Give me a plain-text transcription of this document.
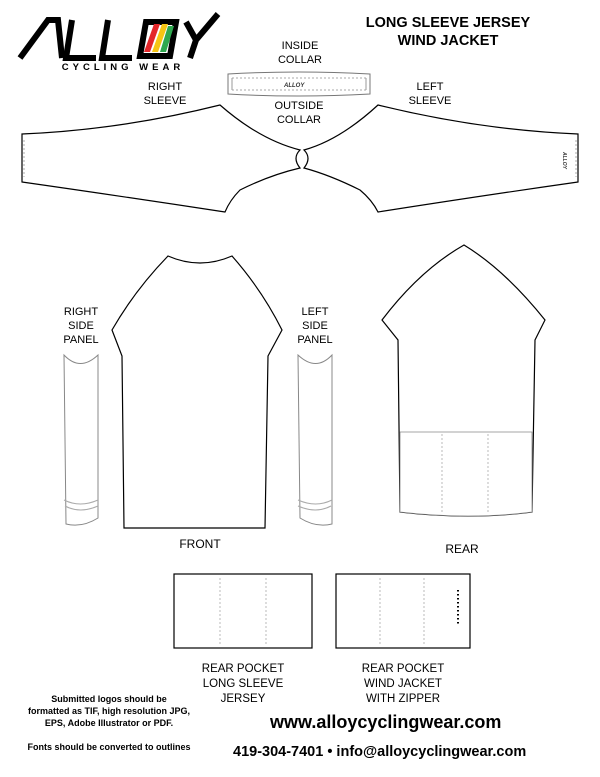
ALLOY
ALLOY
CYCLING WEAR
LONG SLEEVE JERSEY
WIND JACKET
INSIDE
COLLAR
OUTSIDE
COLLAR
RIGHT
SLEEVE
LEFT
SLEEVE
RIGHT
SIDE
PANEL
LEFT
SIDE
PANEL
FRONT	REAR
REAR POCKET
LONG SLEEVE
JERSEY
REAR POCKET
WIND JACKET
WITH ZIPPER
Submitted logos should be
formatted as TIF, high resolution JPG,
EPS, Adobe Illustrator or PDF.
Fonts should be converted to outlines
www.alloycyclingwear.com
419-304-7401 • info@alloycyclingwear.com
